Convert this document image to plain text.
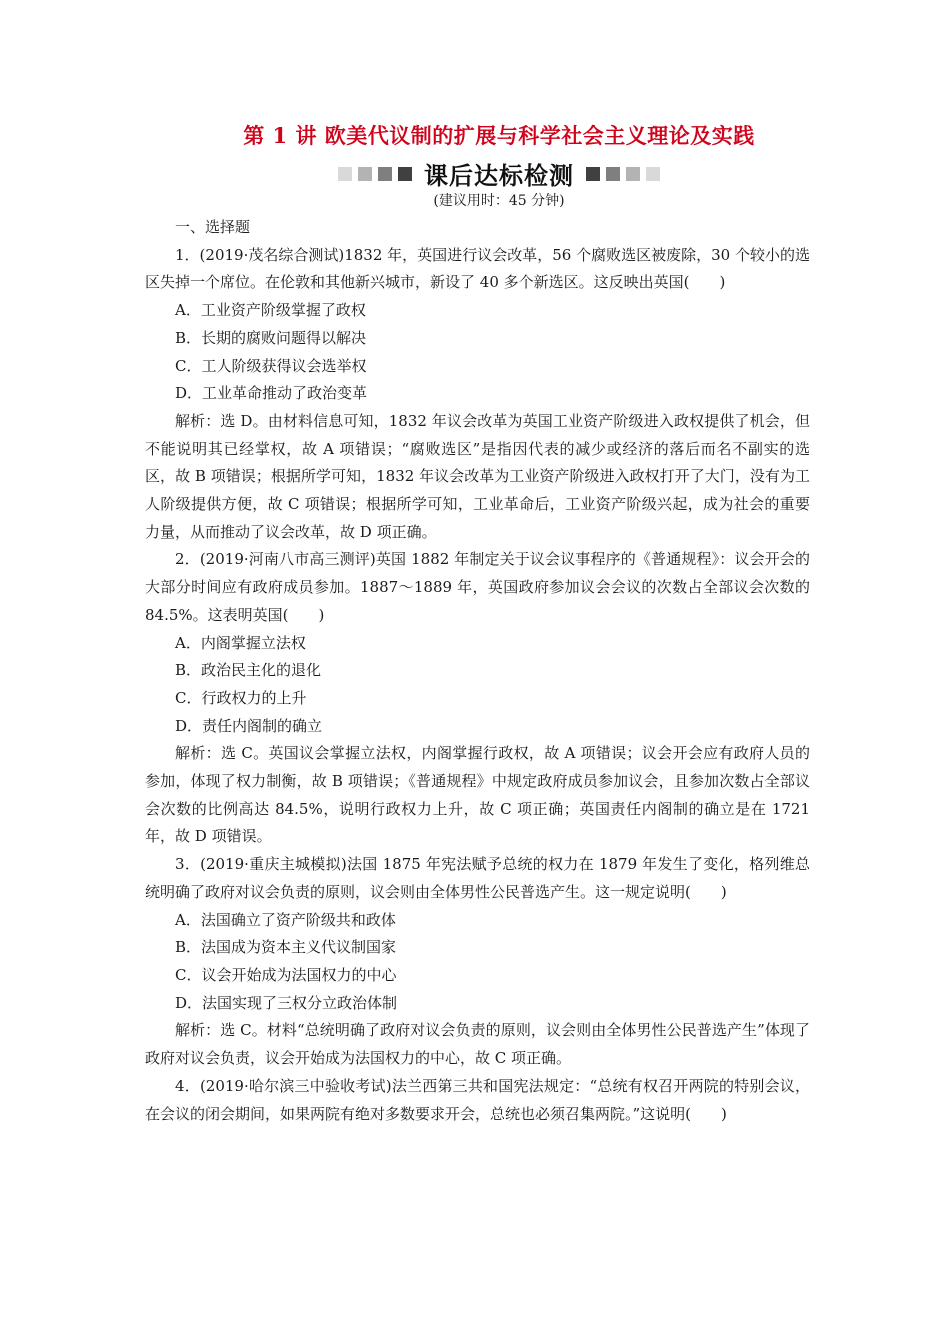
第 1 讲 欧美代议制的扩展与科学社会主义理论及实践
课后达标检测
(建议用时：45 分钟)

一、选择题

1．(2019·茂名综合测试)1832 年，英国进行议会改革，56 个腐败选区被废除，30 个较小的选区失掉一个席位。在伦敦和其他新兴城市，新设了 40 多个新选区。这反映出英国(　　)

A．工业资产阶级掌握了政权

B．长期的腐败问题得以解决

C．工人阶级获得议会选举权

D．工业革命推动了政治变革

解析：选 D。由材料信息可知，1832 年议会改革为英国工业资产阶级进入政权提供了机会，但不能说明其已经掌权，故 A 项错误；“腐败选区”是指因代表的减少或经济的落后而名不副实的选区，故 B 项错误；根据所学可知，1832 年议会改革为工业资产阶级进入政权打开了大门，没有为工人阶级提供方便，故 C 项错误；根据所学可知，工业革命后，工业资产阶级兴起，成为社会的重要力量，从而推动了议会改革，故 D 项正确。

2．(2019·河南八市高三测评)英国 1882 年制定关于议会议事程序的《普通规程》：议会开会的大部分时间应有政府成员参加。1887～1889 年，英国政府参加议会会议的次数占全部议会次数的 84.5%。这表明英国(　　)

A．内阁掌握立法权

B．政治民主化的退化

C．行政权力的上升

D．责任内阁制的确立

解析：选 C。英国议会掌握立法权，内阁掌握行政权，故 A 项错误；议会开会应有政府人员的参加，体现了权力制衡，故 B 项错误；《普通规程》中规定政府成员参加议会，且参加次数占全部议会次数的比例高达 84.5%，说明行政权力上升，故 C 项正确；英国责任内阁制的确立是在 1721 年，故 D 项错误。

3．(2019·重庆主城模拟)法国 1875 年宪法赋予总统的权力在 1879 年发生了变化，格列维总统明确了政府对议会负责的原则，议会则由全体男性公民普选产生。这一规定说明(　　)

A．法国确立了资产阶级共和政体

B．法国成为资本主义代议制国家

C．议会开始成为法国权力的中心

D．法国实现了三权分立政治体制

解析：选 C。材料“总统明确了政府对议会负责的原则，议会则由全体男性公民普选产生”体现了政府对议会负责，议会开始成为法国权力的中心，故 C 项正确。

4．(2019·哈尔滨三中验收考试)法兰西第三共和国宪法规定：“总统有权召开两院的特别会议，在会议的闭会期间，如果两院有绝对多数要求开会，总统也必须召集两院。”这说明(　　)
